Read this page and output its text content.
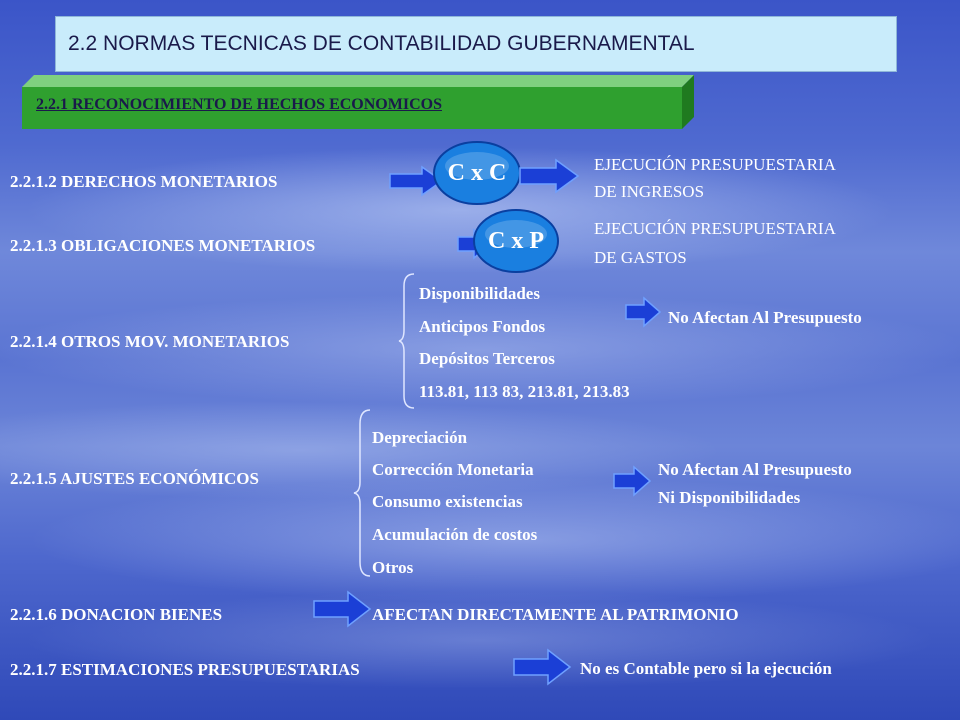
2.2 NORMAS TECNICAS DE CONTABILIDAD GUBERNAMENTAL
2.2.1 RECONOCIMIENTO DE HECHOS ECONOMICOS
2.2.1.2 DERECHOS MONETARIOS	C x C	EJECUCIÓN PRESUPUESTARIA
DE INGRESOS
2.2.1.3 OBLIGACIONES MONETARIOS	C x P	EJECUCIÓN PRESUPUESTARIA
DE GASTOS
2.2.1.4 OTROS MOV. MONETARIOS
Disponibilidades
Anticipos Fondos
Depósitos Terceros
113.81, 113 83, 213.81, 213.83
No Afectan Al Presupuesto
2.2.1.5 AJUSTES ECONÓMICOS
Depreciación
Corrección Monetaria
Consumo existencias
Acumulación de costos
Otros
No Afectan Al Presupuesto
Ni Disponibilidades
2.2.1.6 DONACION BIENES	AFECTAN DIRECTAMENTE AL PATRIMONIO
2.2.1.7 ESTIMACIONES PRESUPUESTARIAS	No es Contable pero si la ejecución
